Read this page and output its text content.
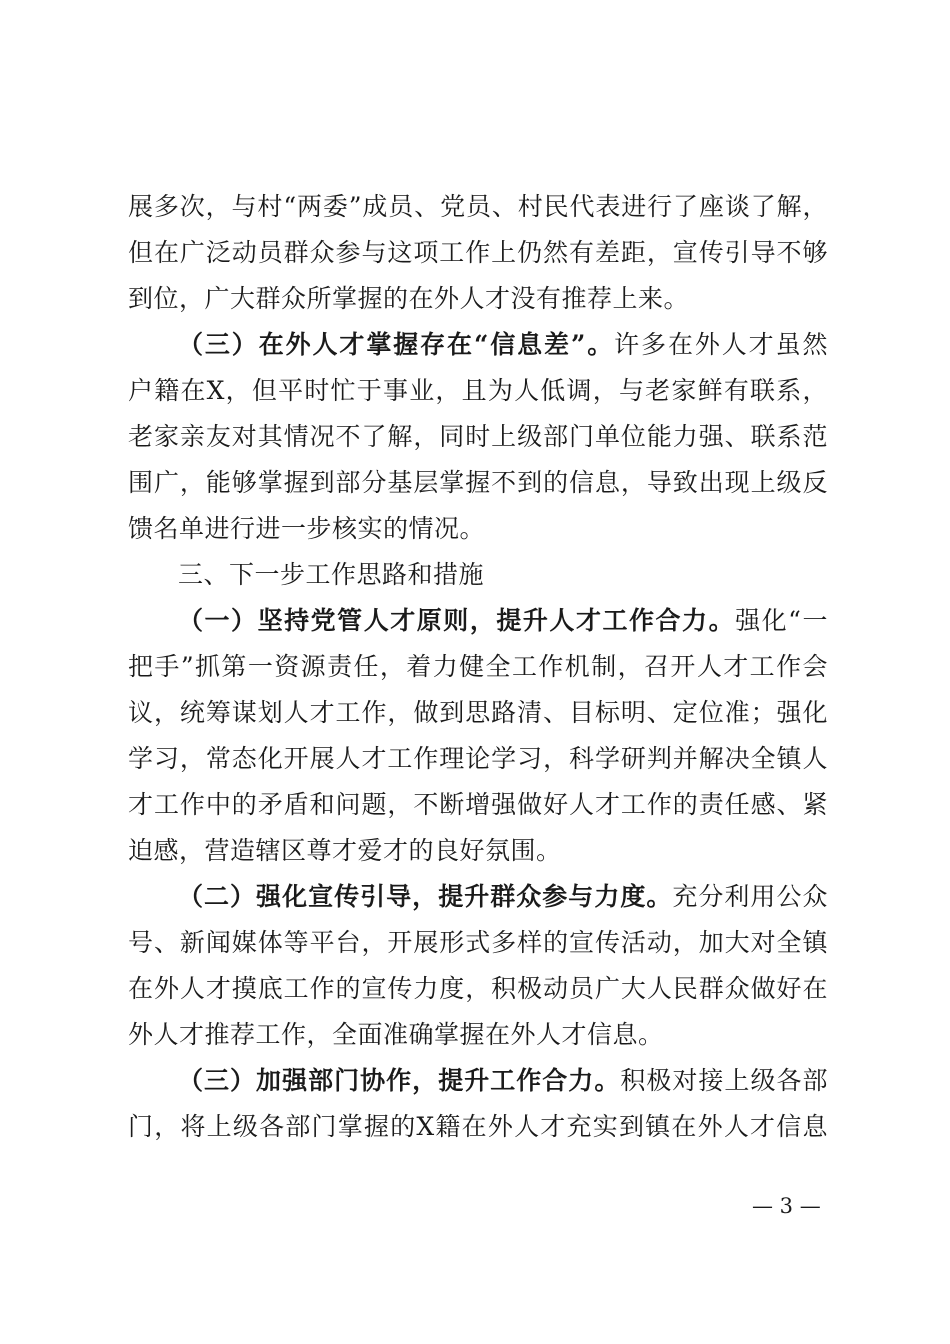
展多次，与村“两委”成员、党员、村民代表进行了座谈了解，
但在广泛动员群众参与这项工作上仍然有差距，宣传引导不够
到位，广大群众所掌握的在外人才没有推荐上来。
（三）在外人才掌握存在“信息差”。许多在外人才虽然
户籍在X，但平时忙于事业，且为人低调，与老家鲜有联系，
老家亲友对其情况不了解，同时上级部门单位能力强、联系范
围广，能够掌握到部分基层掌握不到的信息，导致出现上级反
馈名单进行进一步核实的情况。
三、下一步工作思路和措施
（一）坚持党管人才原则，提升人才工作合力。强化“一
把手”抓第一资源责任，着力健全工作机制，召开人才工作会
议，统筹谋划人才工作，做到思路清、目标明、定位准；强化
学习，常态化开展人才工作理论学习，科学研判并解决全镇人
才工作中的矛盾和问题，不断增强做好人才工作的责任感、紧
迫感，营造辖区尊才爱才的良好氛围。
（二）强化宣传引导，提升群众参与力度。充分利用公众
号、新闻媒体等平台，开展形式多样的宣传活动，加大对全镇
在外人才摸底工作的宣传力度，积极动员广大人民群众做好在
外人才推荐工作，全面准确掌握在外人才信息。
（三）加强部门协作，提升工作合力。积极对接上级各部
门，将上级各部门掌握的X籍在外人才充实到镇在外人才信息
— 3 —
